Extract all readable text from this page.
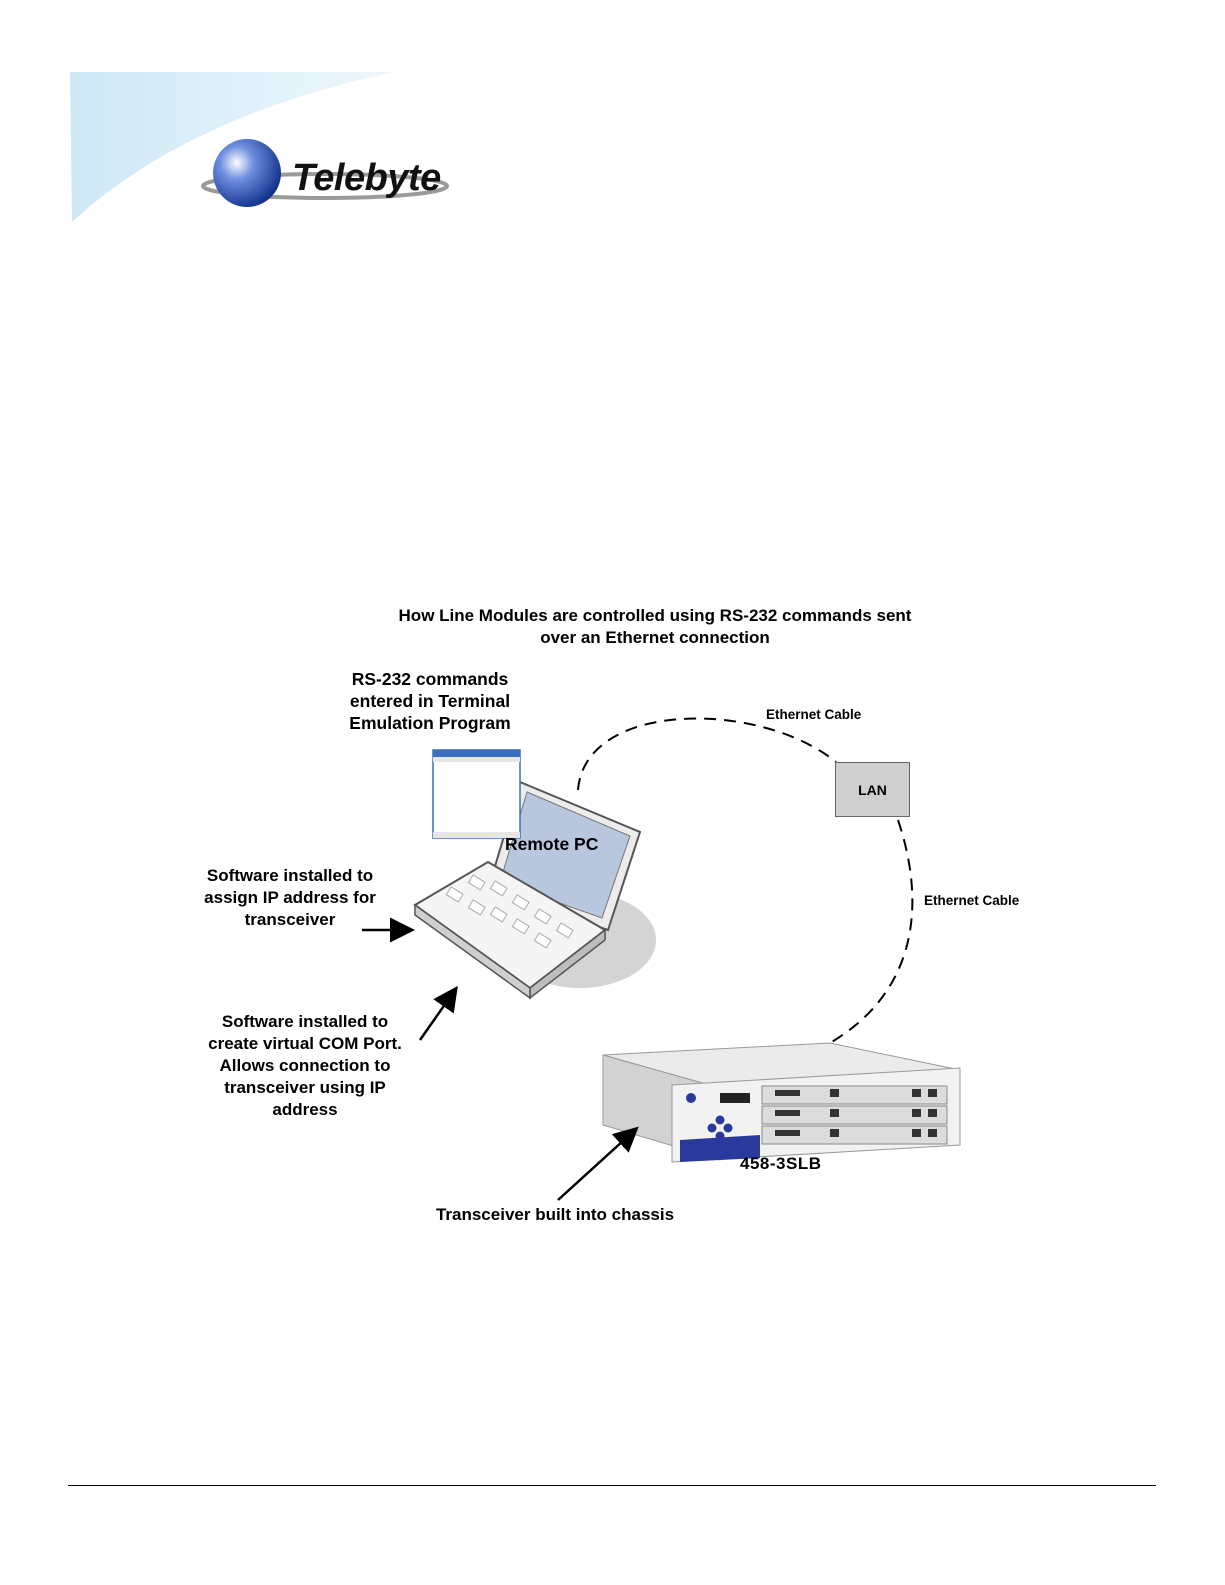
Telebyte
How Line Modules are controlled using RS-232 commands sent
over an Ethernet connection
RS-232 commands
entered in Terminal
Emulation Program
Software installed to
assign IP address for
transceiver
Software installed to
create virtual COM Port.
Allows connection to
transceiver using IP
address
Transceiver built into chassis
458-3SLB
Ethernet Cable
Ethernet Cable
LAN
Remote PC
